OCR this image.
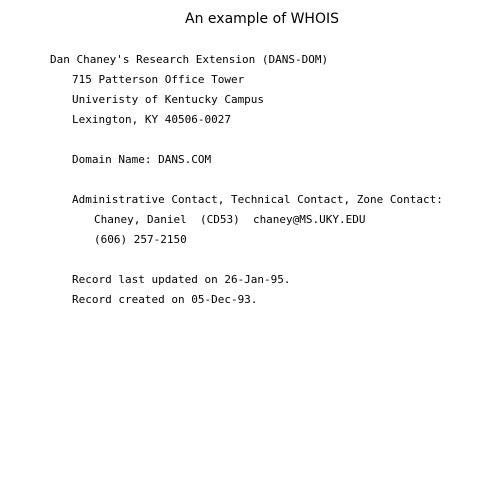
An example of WHOIS
Dan Chaney's Research Extension (DANS-DOM)
715 Patterson Office Tower
Univeristy of Kentucky Campus
Lexington, KY 40506-0027
Domain Name: DANS.COM
Administrative Contact, Technical Contact, Zone Contact:
Chaney, Daniel  (CD53)  chaney@MS.UKY.EDU
(606) 257-2150
Record last updated on 26-Jan-95.
Record created on 05-Dec-93.
